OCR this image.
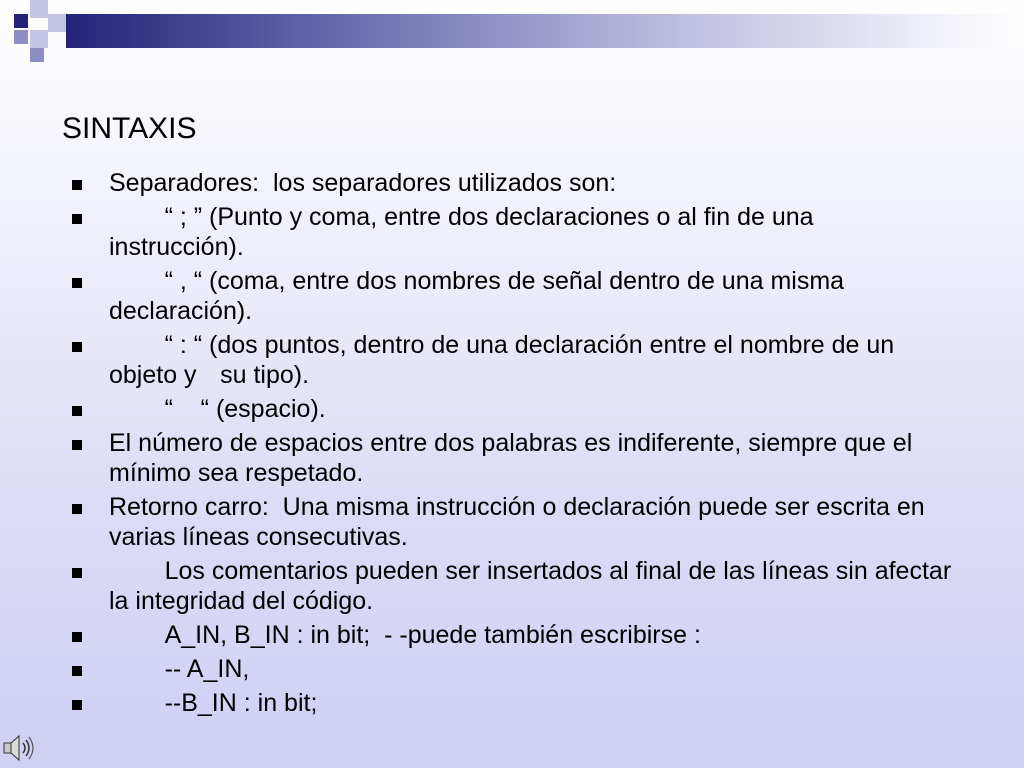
SINTAXIS
Separadores:  los separadores utilizados son:
	“ ; ” (Punto y coma, entre dos declaraciones o al fin de una instrucción).
	“ , “ (coma, entre dos nombres de señal dentro de una misma declaración).
	“ : “ (dos puntos, dentro de una declaración entre el nombre de un objeto y	su tipo).
	“    “ (espacio).
El número de espacios entre dos palabras es indiferente, siempre que el mínimo sea respetado.
Retorno carro:  Una misma instrucción o declaración puede ser escrita en varias líneas consecutivas.
	Los comentarios pueden ser insertados al final de las líneas sin afectar la integridad del código.
	A_IN, B_IN : in bit;  - -puede también escribirse :
	-- A_IN,
	--B_IN : in bit;
